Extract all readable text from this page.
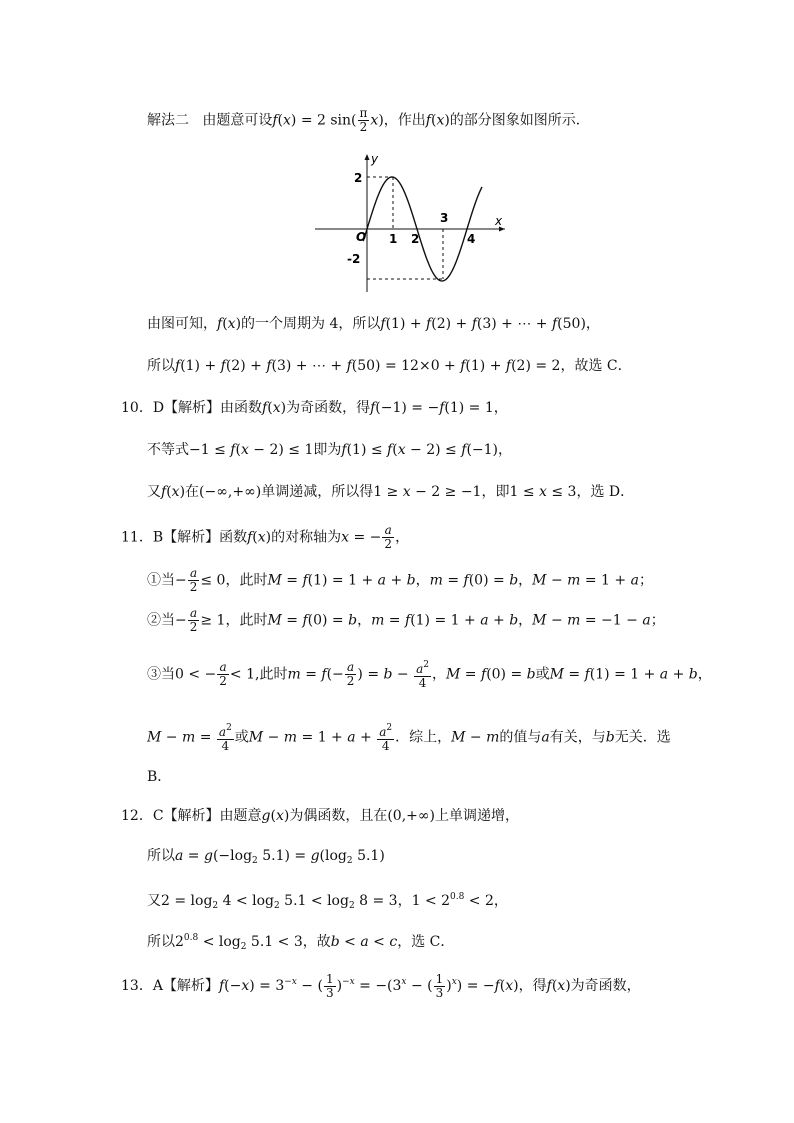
解法二 由题意可设f(x) = 2 $\sin( \frac{\pi}{2} x)$，作出f(x)的部分图象如图所示．
y
x
O
2
-2
1 2
3
4
由图可知，f(x)的一个周期为 4，所以f(1) + f(2) + f(3) + ⋯ + f(50)，
所以f(1) + f(2) + f(3) + ⋯ + f(50) = 12×0 + f(1) + f(2) = 2，故选 C．
10．D【解析】由函数f(x)为奇函数，得f(−1) = −f(1) = 1，
不等式−1 ≤ f(x − 2) ≤ 1即为f(1) ≤ f(x − 2) ≤ f(−1)，
又f(x)在(−∞,+∞)单调递减，所以得1 ≥ x − 2 ≥ −1，即1 ≤ x ≤ 3，选 D．
11．B【解析】函数f(x)的对称轴为x = − $\frac{a}{2}$ ，
①当− $\frac{a}{2} \le 0$，此时M = f(1) = 1 + a + b，m = f(0) = b，M − m = 1 + a；
②当− $\frac{a}{2} \ge 1$，此时M = f(0) = b，m = f(1) = 1 + a + b，M − m = −1 − a；
③当0 < − $\frac{a}{2} < 1$,此时$m = f(- \frac{a}{2}$ ) = $b - \frac{a^2}{4}$ ，M = f(0) = b或M = f(1) = 1 + a + b，
$M - m = \frac{a^2}{4}$ 或$M - m = 1 + a + \frac{a^2}{4}$ ．综上，M − m的值与a有关，与b无关．选
B．
12．C【解析】由题意g(x)为偶函数，且在(0,+∞)上单调递增，
所以$a = g(-\log_2$ $5.1) = g(\log_2$ 5.1)
又$2 = \log_2 4 < \log_2 5.1 < \log_2 8 = 3$，$1 < 2^{0.8} < 2$，
所以$2^{0.8} < \log_2 5.1 < 3$，故b < a < c，选 C．
13．A【解析】$f(-x) = 3^{-x}$ − ( $\frac{1}{3} )^{-x} = -(3^x$ − ( $\frac{1}{3} )^x) = -f(x)$，得f(x)为奇函数，
